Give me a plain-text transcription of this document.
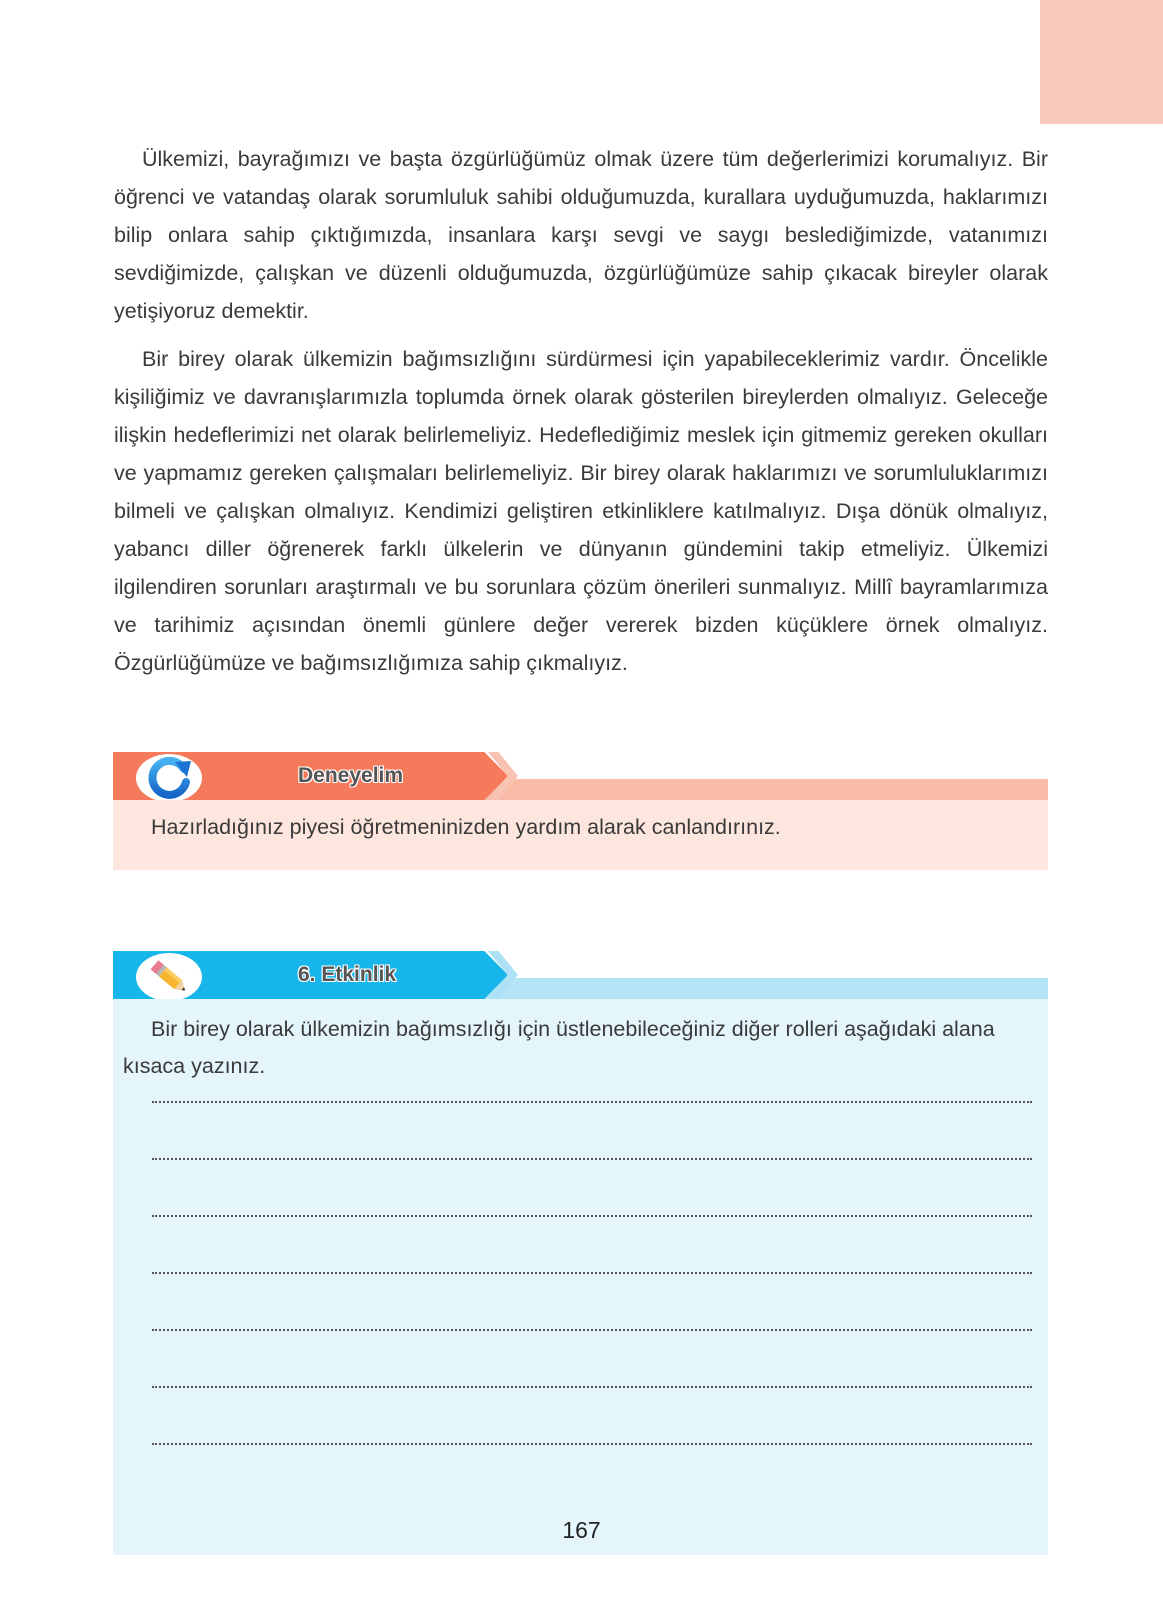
Ülkemizi, bayrağımızı ve başta özgürlüğümüz olmak üzere tüm değerlerimizi korumalıyız. Bir öğrenci ve vatandaş olarak sorumluluk sahibi olduğumuzda, kurallara uyduğumuzda, haklarımızı bilip onlara sahip çıktığımızda, insanlara karşı sevgi ve saygı beslediğimizde, vatanımızı sevdiğimizde, çalışkan ve düzenli olduğumuzda, özgürlüğümüze sahip çıkacak bireyler olarak yetişiyoruz demektir.

Bir birey olarak ülkemizin bağımsızlığını sürdürmesi için yapabileceklerimiz vardır. Öncelikle kişiliğimiz ve davranışlarımızla toplumda örnek olarak gösterilen bireylerden olmalıyız. Geleceğe ilişkin hedeflerimizi net olarak belirlemeliyiz. Hedeflediğimiz meslek için gitmemiz gereken okulları ve yapmamız gereken çalışmaları belirlemeliyiz. Bir birey olarak haklarımızı ve sorumluluklarımızı bilmeli ve çalışkan olmalıyız. Kendimizi geliştiren etkinliklere katılmalıyız. Dışa dönük olmalıyız, yabancı diller öğrenerek farklı ülkelerin ve dünyanın gündemini takip etmeliyiz. Ülkemizi ilgilendiren sorunları araştırmalı ve bu sorunlara çözüm önerileri sunmalıyız. Millî bayramlarımıza ve tarihimiz açısından önemli günlere değer vererek bizden küçüklere örnek olmalıyız. Özgürlüğümüze ve bağımsızlığımıza sahip çıkmalıyız.

Deneyelim
Hazırladığınız piyesi öğretmeninizden yardım alarak canlandırınız.
6. Etkinlik
Bir birey olarak ülkemizin bağımsızlığı için üstlenebileceğiniz diğer rolleri aşağıdaki alana kısaca yazınız.
167
